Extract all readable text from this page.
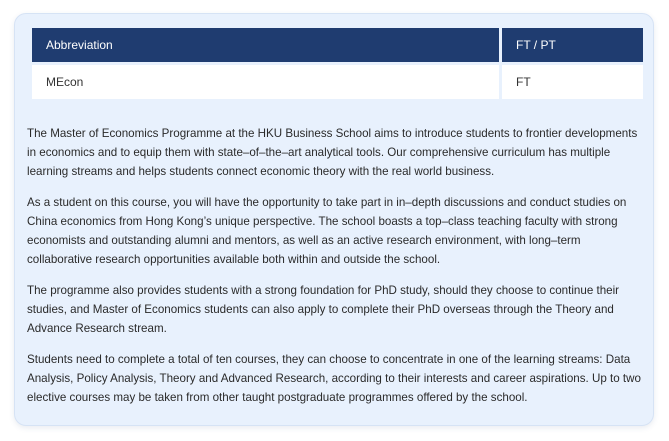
Abbreviation	FT / PT
MEcon	FT

The Master of Economics Programme at the HKU Business School aims to introduce students to frontier developments in economics and to equip them with state–of–the–art analytical tools. Our comprehensive curriculum has multiple learning streams and helps students connect economic theory with the real world business.

As a student on this course, you will have the opportunity to take part in in–depth discussions and conduct studies on China economics from Hong Kong’s unique perspective. The school boasts a top–class teaching faculty with strong economists and outstanding alumni and mentors, as well as an active research environment, with long–term collaborative research opportunities available both within and outside the school.

The programme also provides students with a strong foundation for PhD study, should they choose to continue their studies, and Master of Economics students can also apply to complete their PhD overseas through the Theory and Advance Research stream.

Students need to complete a total of ten courses, they can choose to concentrate in one of the learning streams: Data Analysis, Policy Analysis, Theory and Advanced Research, according to their interests and career aspirations. Up to two elective courses may be taken from other taught postgraduate programmes offered by the school.
